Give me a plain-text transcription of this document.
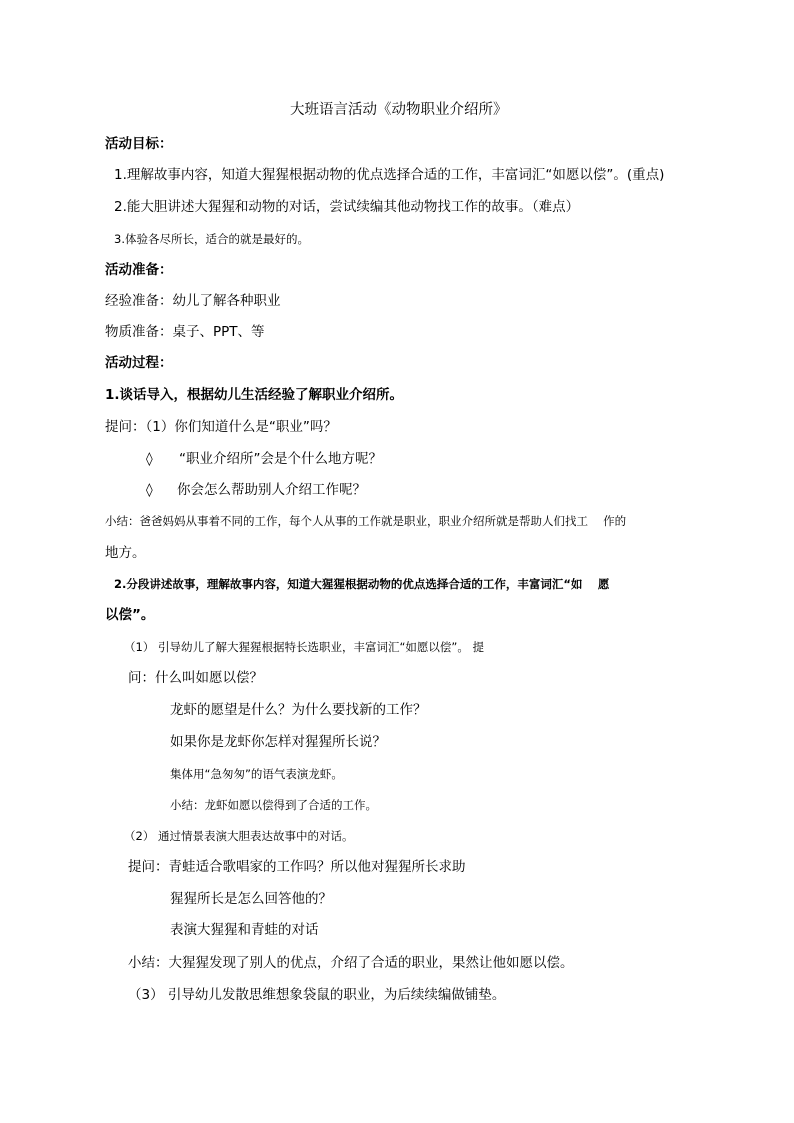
大班语言活动《动物职业介绍所》
活动目标：
1.理解故事内容，知道大猩猩根据动物的优点选择合适的工作，丰富词汇“如愿以偿”。(重点)
2.能大胆讲述大猩猩和动物的对话，尝试续编其他动物找工作的故事。（难点）
3.体验各尽所长，适合的就是最好的。
活动准备：
经验准备：幼儿了解各种职业
物质准备：桌子、PPT、等
活动过程：
1.谈话导入，根据幼儿生活经验了解职业介绍所。
提问：（1）你们知道什么是“职业”吗？
◊ “职业介绍所”会是个什么地方呢？
◊ 你会怎么帮助别人介绍工作呢？
小结：爸爸妈妈从事着不同的工作，每个人从事的工作就是职业，职业介绍所就是帮助人们找工　 作的
地方。
2.分段讲述故事，理解故事内容，知道大猩猩根据动物的优点选择合适的工作，丰富词汇“如　 愿
以偿”。
（1） 引导幼儿了解大猩猩根据特长选职业，丰富词汇“如愿以偿”。 提
问：什么叫如愿以偿？
龙虾的愿望是什么？为什么要找新的工作？
如果你是龙虾你怎样对猩猩所长说？
集体用“急匆匆”的语气表演龙虾。
小结：龙虾如愿以偿得到了合适的工作。
（2） 通过情景表演大胆表达故事中的对话。
提问：青蛙适合歌唱家的工作吗？所以他对猩猩所长求助
猩猩所长是怎么回答他的？
表演大猩猩和青蛙的对话
小结：大猩猩发现了别人的优点，介绍了合适的职业，果然让他如愿以偿。
（3） 引导幼儿发散思维想象袋鼠的职业，为后续续编做铺垫。
